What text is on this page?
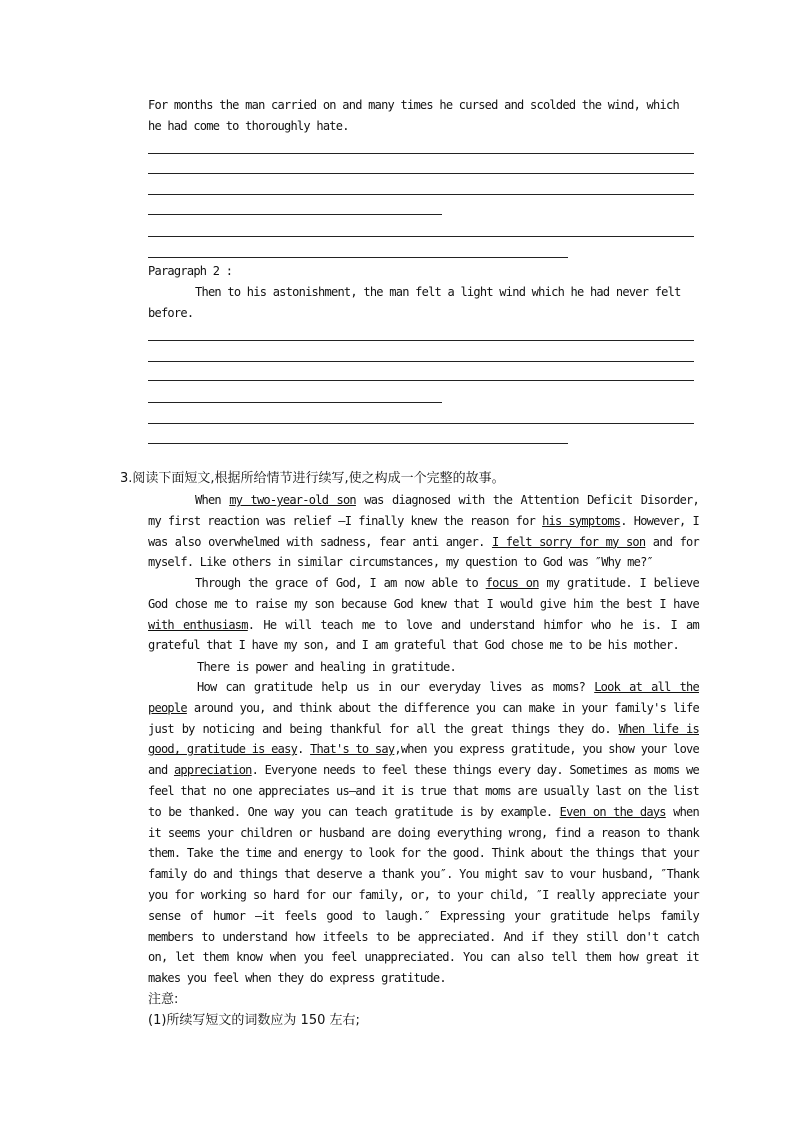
For months the man carried on and many times he cursed and scolded the wind, which
he had come to thoroughly hate.
Paragraph 2 :
Then to his astonishment, the man felt a light wind which he had never felt
before.
3.阅读下面短文,根据所给情节进行续写,使之构成一个完整的故事。
When my two-year-old son was diagnosed with the Attention Deficit Disorder, my first reaction was relief —I finally knew the reason for his symptoms. However, I was also overwhelmed with sadness, fear anti anger. I felt sorry for my son and for myself. Like others in similar circumstances, my question to God was ″Why me?″
Through the grace of God, I am now able to focus on my gratitude. I believe God chose me to raise my son because God knew that I would give him the best I have with enthusiasm. He will teach me to love and understand himfor who he is. I am grateful that I have my son, and I am grateful that God chose me to be his mother.
There is power and healing in gratitude.
How can gratitude help us in our everyday lives as moms? Look at all the people around you, and think about the difference you can make in your family's life just by noticing and being thankful for all the great things they do. When life is good, gratitude is easy. That's to say,when you express gratitude, you show your love and appreciation. Everyone needs to feel these things every day. Sometimes as moms we feel that no one appreciates us—and it is true that moms are usually last on the list to be thanked. One way you can teach gratitude is by example. Even on the days when it seems your children or husband are doing everything wrong, find a reason to thank them. Take the time and energy to look for the good. Think about the things that your family do and things that deserve a thank you″. You might sav to vour husband, ″Thank you for working so hard for our family, or, to your child, ″I really appreciate your sense of humor —it feels good to laugh.″ Expressing your gratitude helps family members to understand how itfeels to be appreciated. And if they still don't catch on, let them know when you feel unappreciated. You can also tell them how great it makes you feel when they do express gratitude.
注意:
(1)所续写短文的词数应为 150 左右;
